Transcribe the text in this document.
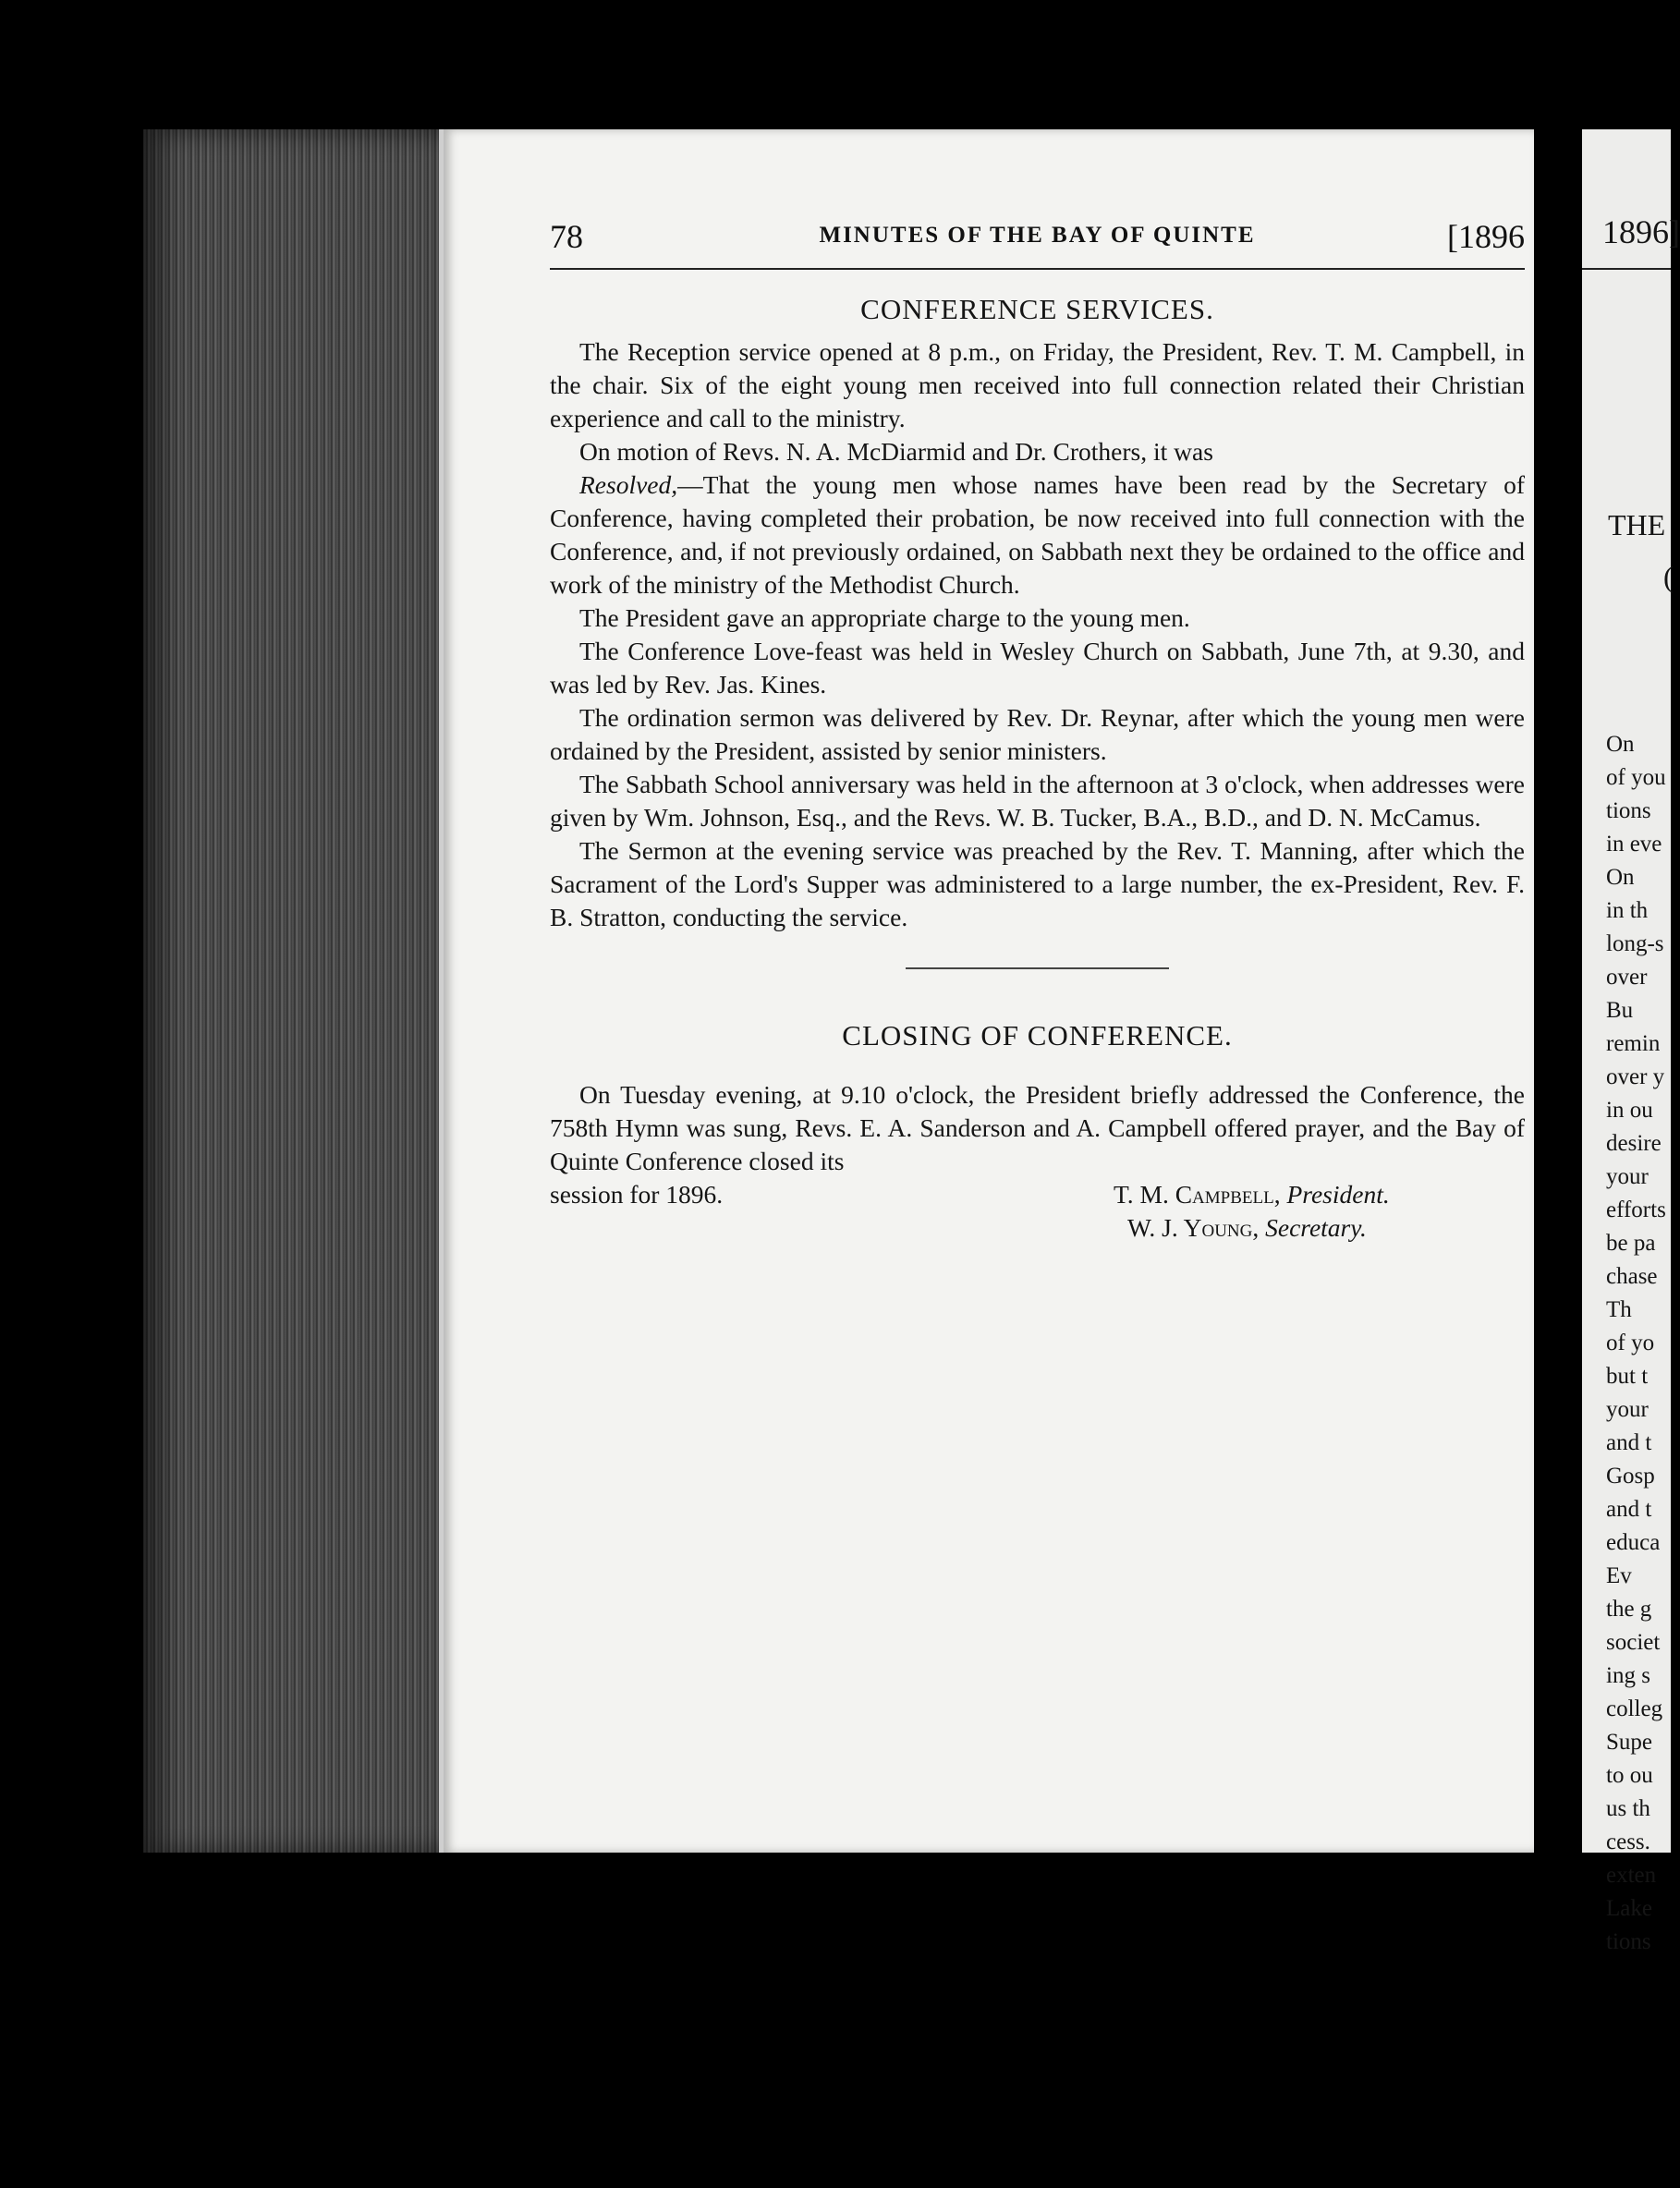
78	MINUTES OF THE BAY OF QUINTE	[1896
CONFERENCE SERVICES.

The Reception service opened at 8 p.m., on Friday, the President, Rev. T. M. Campbell, in the chair. Six of the eight young men received into full connection related their Christian experience and call to the ministry.

On motion of Revs. N. A. McDiarmid and Dr. Crothers, it was

Resolved,—That the young men whose names have been read by the Secretary of Conference, having completed their probation, be now received into full connection with the Conference, and, if not previously ordained, on Sabbath next they be ordained to the office and work of the ministry of the Methodist Church.

The President gave an appropriate charge to the young men.

The Conference Love-feast was held in Wesley Church on Sabbath, June 7th, at 9.30, and was led by Rev. Jas. Kines.

The ordination sermon was delivered by Rev. Dr. Reynar, after which the young men were ordained by the President, assisted by senior ministers.

The Sabbath School anniversary was held in the afternoon at 3 o'clock, when addresses were given by Wm. Johnson, Esq., and the Revs. W. B. Tucker, B.A., B.D., and D. N. McCamus.

The Sermon at the evening service was preached by the Rev. T. Manning, after which the Sacrament of the Lord's Supper was administered to a large number, the ex-President, Rev. F. B. Stratton, conducting the service.

CLOSING OF CONFERENCE.

On Tuesday evening, at 9.10 o'clock, the President briefly addressed the Conference, the 758th Hymn was sung, Revs. E. A. Sanderson and A. Campbell offered prayer, and the Bay of Quinte Conference closed its

session for 1896.	T. M. Campbell, President.
W. J. Young, Secretary.
1896]
THE
(
On
of you
tions
in eve
On
in th
long-s
over
Bu
remin
over y
in ou
desire
your
efforts
be pa
chase
Th
of yo
but t
your
and t
Gosp
and t
educa
Ev
the g
societ
ing s
colleg
Supe
to ou
us th
cess.
exten
Lake
tions
